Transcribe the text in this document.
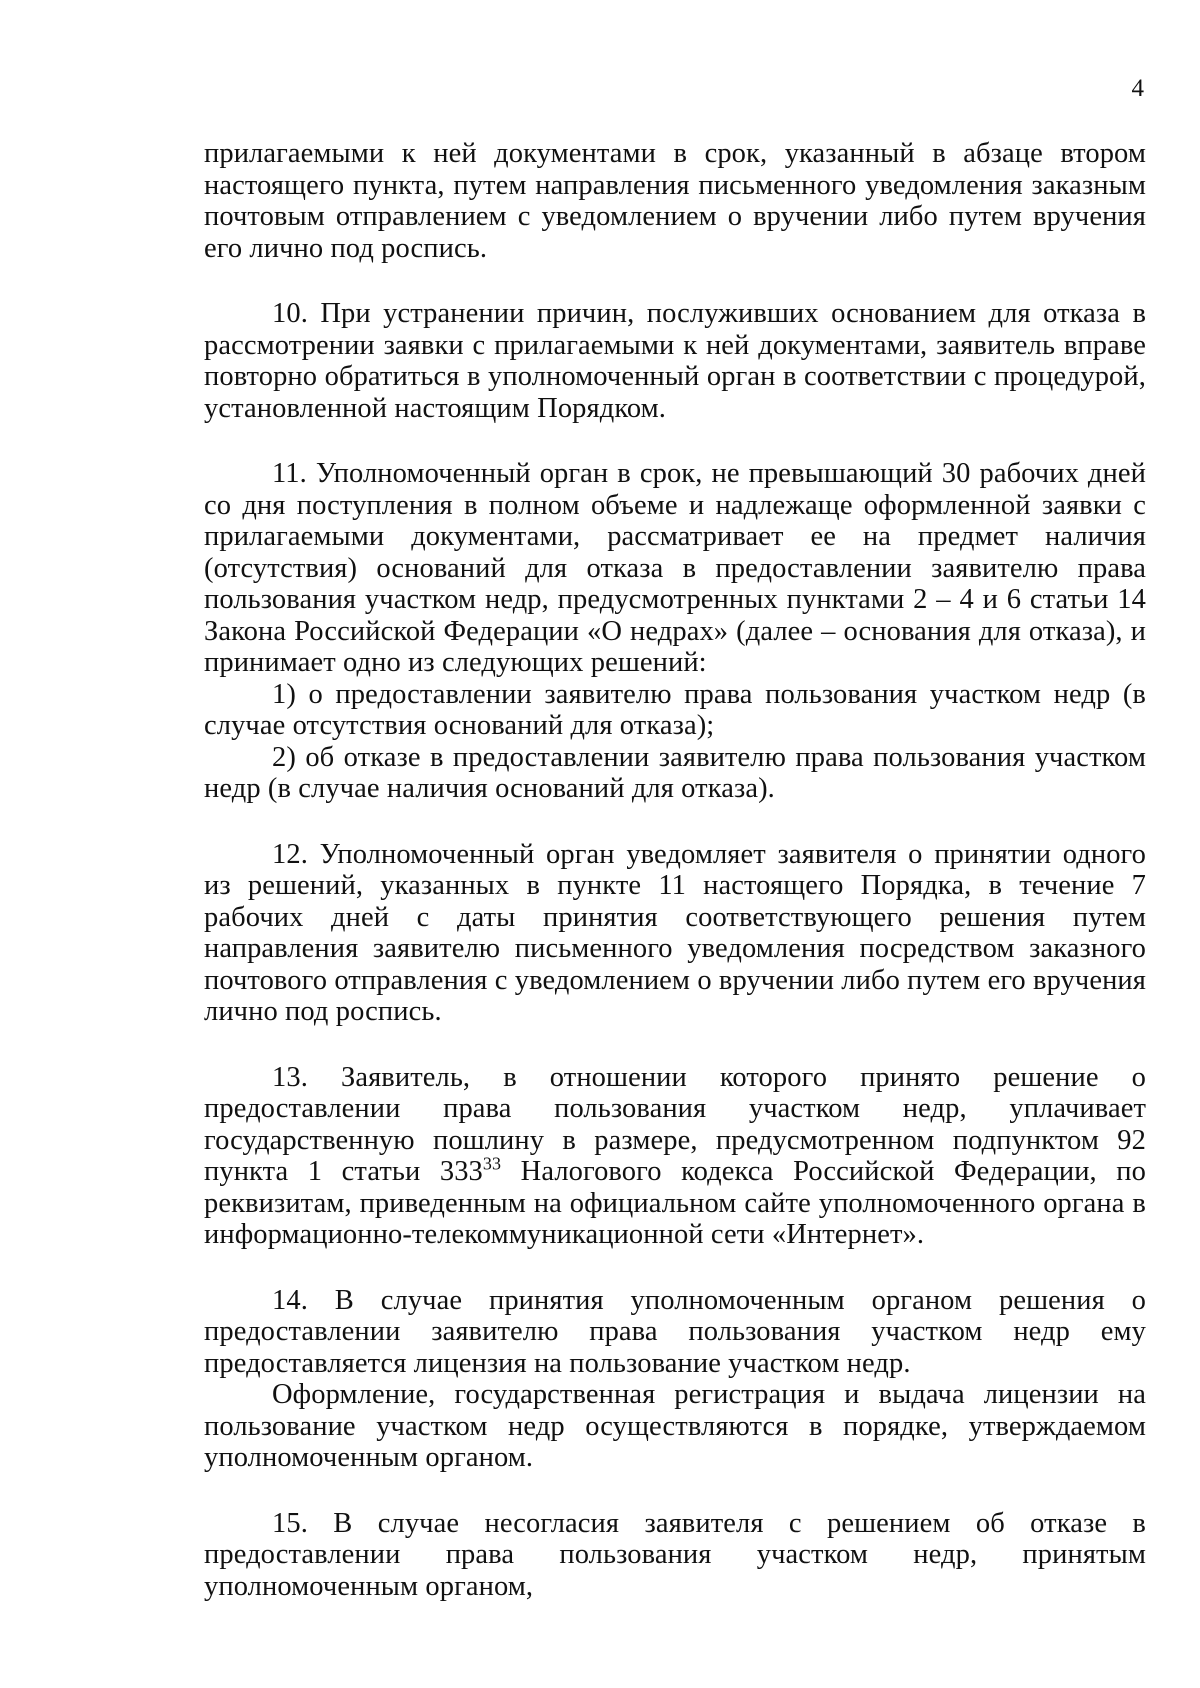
4

прилагаемыми к ней документами в срок, указанный в абзаце втором настоящего пункта, путем направления письменного уведомления заказным почтовым отправлением с уведомлением о вручении либо путем вручения его лично под роспись.

10. При устранении причин, послуживших основанием для отказа в рассмотрении заявки с прилагаемыми к ней документами, заявитель вправе повторно обратиться в уполномоченный орган в соответствии с процедурой, установленной настоящим Порядком.

11. Уполномоченный орган в срок, не превышающий 30 рабочих дней со дня поступления в полном объеме и надлежаще оформленной заявки с прилагаемыми документами, рассматривает ее на предмет наличия (отсутствия) оснований для отказа в предоставлении заявителю права пользования участком недр, предусмотренных пунктами 2 – 4 и 6 статьи 14 Закона Российской Федерации «О недрах» (далее – основания для отказа), и принимает одно из следующих решений:

1) о предоставлении заявителю права пользования участком недр (в случае отсутствия оснований для отказа);

2) об отказе в предоставлении заявителю права пользования участком недр (в случае наличия оснований для отказа).

12. Уполномоченный орган уведомляет заявителя о принятии одного из решений, указанных в пункте 11 настоящего Порядка, в течение 7 рабочих дней с даты принятия соответствующего решения путем направления заявителю письменного уведомления посредством заказного почтового отправления с уведомлением о вручении либо путем его вручения лично под роспись.

13. Заявитель, в отношении которого принято решение о предоставлении права пользования участком недр, уплачивает государственную пошлину в размере, предусмотренном подпунктом 92 пункта 1 статьи $333^{33}$ Налогового кодекса Российской Федерации, по реквизитам, приведенным на официальном сайте уполномоченного органа в информационно-телекоммуникационной сети «Интернет».

14. В случае принятия уполномоченным органом решения о предоставлении заявителю права пользования участком недр ему предоставляется лицензия на пользование участком недр.

Оформление, государственная регистрация и выдача лицензии на пользование участком недр осуществляются в порядке, утверждаемом уполномоченным органом.

15. В случае несогласия заявителя с решением об отказе в предоставлении права пользования участком недр, принятым уполномоченным органом,
